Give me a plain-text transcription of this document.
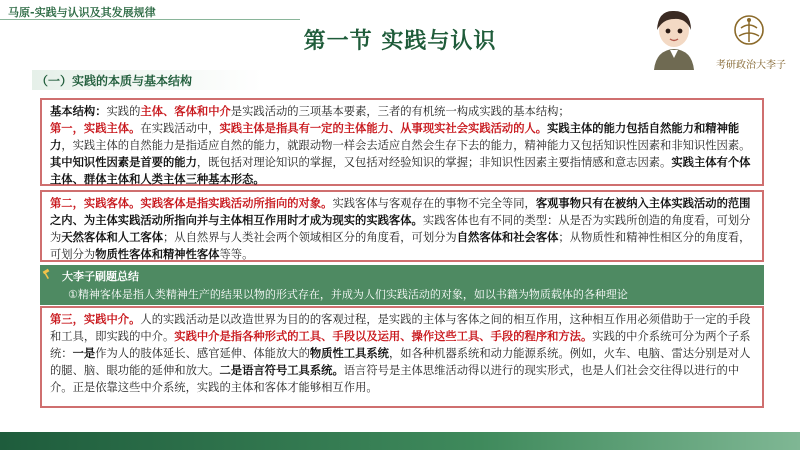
马原-实践与认识及其发展规律
第一节 实践与认识
考研政治大李子
（一）实践的本质与基本结构

基本结构：实践的主体、客体和中介是实践活动的三项基本要素，三者的有机统一构成实践的基本结构；

第一，实践主体。在实践活动中，实践主体是指具有一定的主体能力、从事现实社会实践活动的人。实践主体的能力包括自然能力和精神能力，实践主体的自然能力是指适应自然的能力，就跟动物一样会去适应自然会生存下去的能力，精神能力又包括知识性因素和非知识性因素。其中知识性因素是首要的能力，既包括对理论知识的掌握，又包括对经验知识的掌握；非知识性因素主要指情感和意志因素。实践主体有个体主体、群体主体和人类主体三种基本形态。

第二，实践客体。实践客体是指实践活动所指向的对象。实践客体与客观存在的事物不完全等同，客观事物只有在被纳入主体实践活动的范围之内、为主体实践活动所指向并与主体相互作用时才成为现实的实践客体。实践客体也有不同的类型：从是否为实践所创造的角度看，可划分为天然客体和人工客体；从自然界与人类社会两个领域相区分的角度看，可划分为自然客体和社会客体；从物质性和精神性相区分的角度看，可划分为物质性客体和精神性客体等等。

大李子刷题总结
①精神客体是指人类精神生产的结果以物的形式存在，并成为人们实践活动的对象，如以书籍为物质载体的各种理论

第三，实践中介。人的实践活动是以改造世界为目的的客观过程，是实践的主体与客体之间的相互作用，这种相互作用必须借助于一定的手段和工具，即实践的中介。实践中介是指各种形式的工具、手段以及运用、操作这些工具、手段的程序和方法。实践的中介系统可分为两个子系统：一是作为人的肢体延长、感官延伸、体能放大的物质性工具系统，如各种机器系统和动力能源系统。例如，火车、电脑、雷达分别是对人的腿、脑、眼功能的延伸和放大。二是语言符号工具系统。语言符号是主体思维活动得以进行的现实形式，也是人们社会交往得以进行的中介。正是依靠这些中介系统，实践的主体和客体才能够相互作用。
